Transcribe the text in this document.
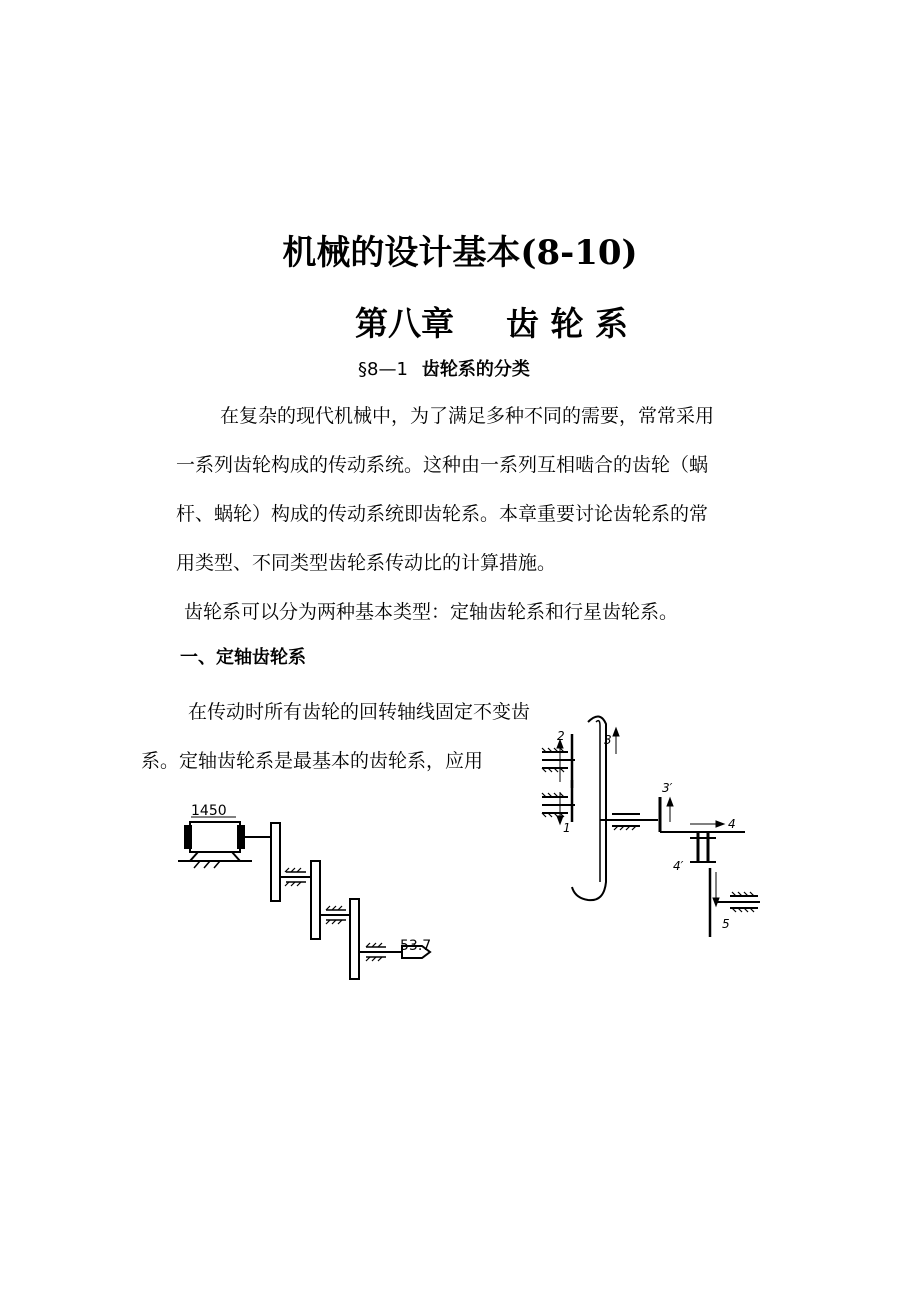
机械的设计基本(8-10)
第八章 齿 轮 系
§8—1 齿轮系的分类
在复杂的现代机械中，为了满足多种不同的需要，常常采用
一系列齿轮构成的传动系统。这种由一系列互相啮合的齿轮（蜗
杆、蜗轮）构成的传动系统即齿轮系。本章重要讨论齿轮系的常
用类型、不同类型齿轮系传动比的计算措施。
齿轮系可以分为两种基本类型：定轴齿轮系和行星齿轮系。
一、定轴齿轮系
在传动时所有齿轮的回转轴线固定不变齿轮系，称为定轴齿轮
系。定轴齿轮系是最基本的齿轮系，应用
1450
53.7
2	3
1
3′
4
4′
5
